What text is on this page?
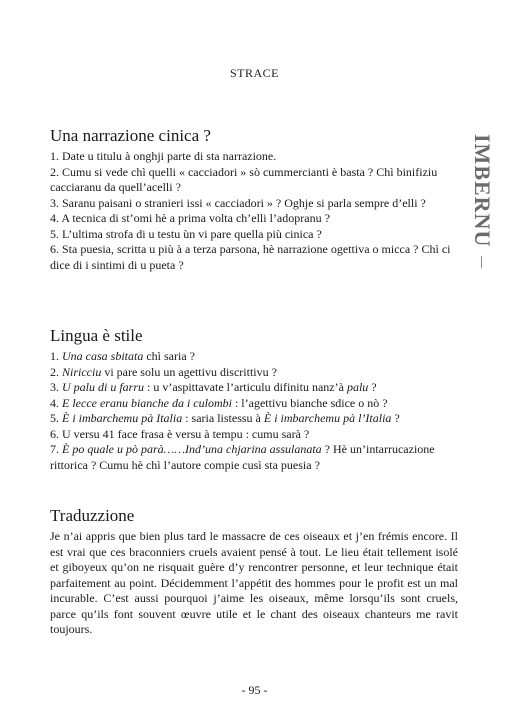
STRACE
IMBERNU
Una narrazione cinica ?
1. Date u titulu à onghji parte di sta narrazione.
2. Cumu si vede chì quelli « cacciadori » sò cummercianti è basta ? Chì binifiziu cacciaranu da quell’acelli ?
3. Saranu paisani o stranieri issi « cacciadori » ? Oghje si parla sempre d’elli ?
4. A tecnica di st’omi hè a prima volta ch’elli l’adopranu ?
5. L’ultima strofa di u testu ùn vi pare quella più cinica ?
6. Sta puesia, scritta u più à a terza parsona, hè narrazione ogettiva o micca ? Chì ci dice di i sintimi di u pueta ?
Lingua è stile
1. Una casa sbitata chì saria ?
2. Niricciu vi pare solu un agettivu discrittivu ?
3. U palu di u farru : u v’aspittavate l’articulu difinitu nanz’à palu ?
4. E lecce eranu bianche da i culombi : l’agettivu bianche sdice o nò ?
5. È i imbarchemu pà Italia : saria listessu à È i imbarchemu pà l’Italia ?
6. U versu 41 face frasa è versu à tempu : cumu sarà ?
7. È po quale u pò parà……Ind’una chjarina assulanata ? Hè un’intarrucazione rittorica ? Cumu hè chì l’autore compie cusì sta puesia ?
Traduzzione

Je n’ai appris que bien plus tard le massacre de ces oiseaux et j’en frémis encore. Il est vrai que ces braconniers cruels avaient pensé à tout. Le lieu était tellement isolé et giboyeux qu’on ne risquait guère d’y rencontrer personne, et leur technique était parfaitement au point. Décidemment l’appétit des hommes pour le profit est un mal incurable. C’est aussi pourquoi j’aime les oiseaux, même lorsqu’ils sont cruels, parce qu’ils font souvent œuvre utile et le chant des oiseaux chanteurs me ravit toujours.

- 95 -
